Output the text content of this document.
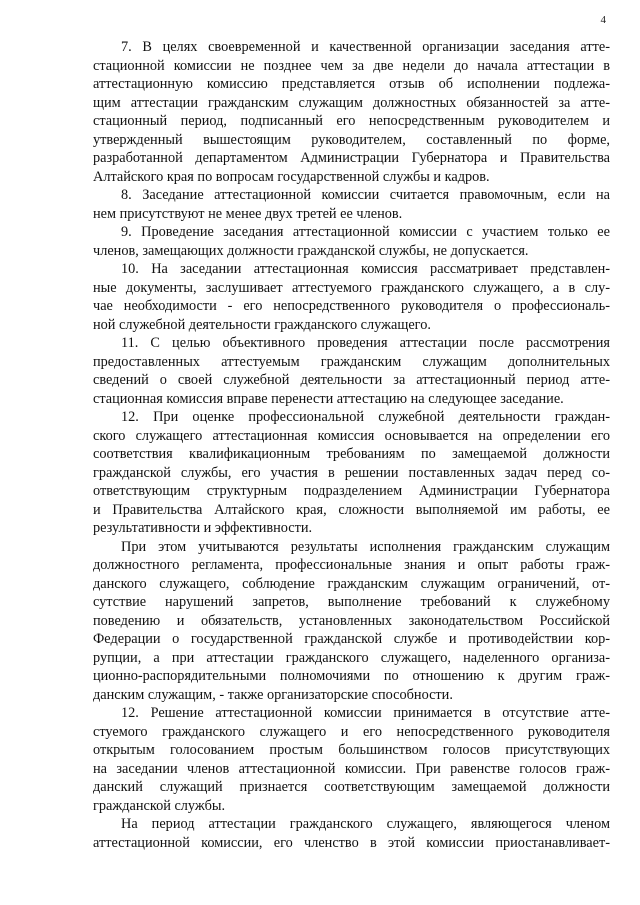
4
7. В целях своевременной и качественной организации заседания атте-
стационной комиссии не позднее чем за две недели до начала аттестации в
аттестационную комиссию представляется отзыв об исполнении подлежа-
щим аттестации гражданским служащим должностных обязанностей за атте-
стационный период, подписанный его непосредственным руководителем и
утвержденный вышестоящим руководителем, составленный по форме,
разработанной департаментом Администрации Губернатора и Правительства
Алтайского края по вопросам государственной службы и кадров.
8. Заседание аттестационной комиссии считается правомочным, если на
нем присутствуют не менее двух третей ее членов.
9. Проведение заседания аттестационной комиссии с участием только ее
членов, замещающих должности гражданской службы, не допускается.
10. На заседании аттестационная комиссия рассматривает представлен-
ные документы, заслушивает аттестуемого гражданского служащего, а в слу-
чае необходимости - его непосредственного руководителя о профессиональ-
ной служебной деятельности гражданского служащего.
11. С целью объективного проведения аттестации после рассмотрения
предоставленных аттестуемым гражданским служащим дополнительных
сведений о своей служебной деятельности за аттестационный период атте-
стационная комиссия вправе перенести аттестацию на следующее заседание.
12. При оценке профессиональной служебной деятельности граждан-
ского служащего аттестационная комиссия основывается на определении его
соответствия квалификационным требованиям по замещаемой должности
гражданской службы, его участия в решении поставленных задач перед со-
ответствующим структурным подразделением Администрации Губернатора
и Правительства Алтайского края, сложности выполняемой им работы, ее
результативности и эффективности.
При этом учитываются результаты исполнения гражданским служащим
должностного регламента, профессиональные знания и опыт работы граж-
данского служащего, соблюдение гражданским служащим ограничений, от-
сутствие нарушений запретов, выполнение требований к служебному
поведению и обязательств, установленных законодательством Российской
Федерации о государственной гражданской службе и противодействии кор-
рупции, а при аттестации гражданского служащего, наделенного организа-
ционно-распорядительными полномочиями по отношению к другим граж-
данским служащим, - также организаторские способности.
12. Решение аттестационной комиссии принимается в отсутствие атте-
стуемого гражданского служащего и его непосредственного руководителя
открытым голосованием простым большинством голосов присутствующих
на заседании членов аттестационной комиссии. При равенстве голосов граж-
данский служащий признается соответствующим замещаемой должности
гражданской службы.
На период аттестации гражданского служащего, являющегося членом
аттестационной комиссии, его членство в этой комиссии приостанавливает-
